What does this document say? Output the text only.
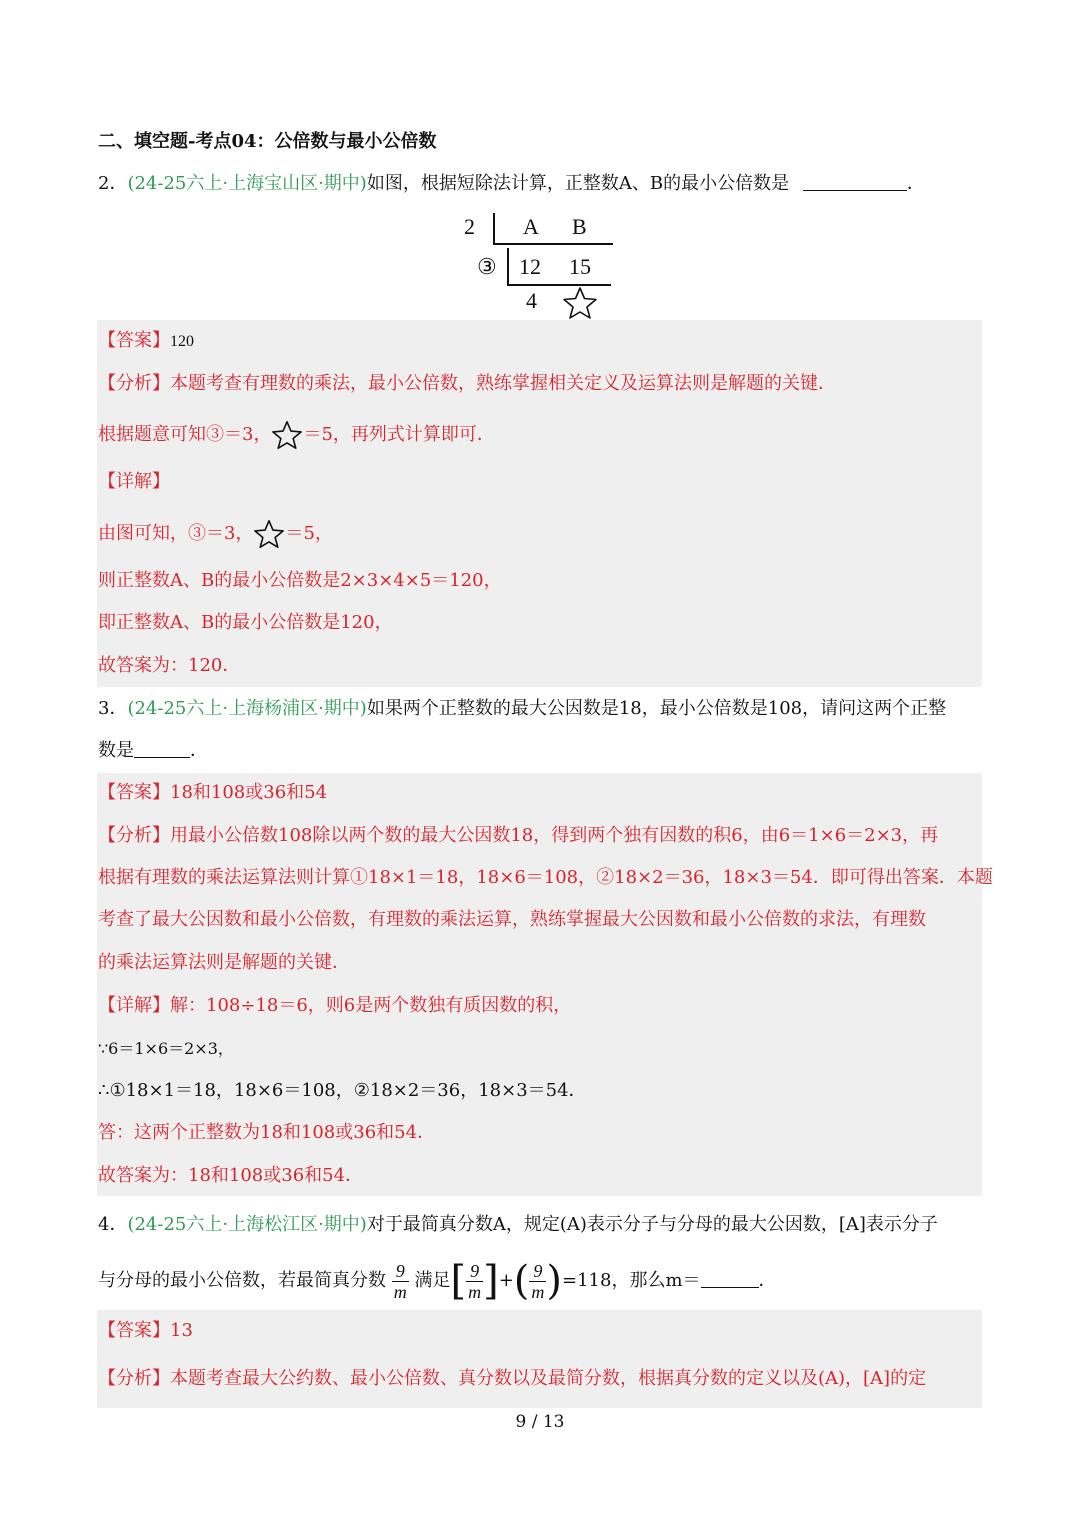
二、填空题-考点04：公倍数与最小公倍数
2．(24-25六上·上海宝山区·期中)如图，根据短除法计算，正整数A、B的最小公倍数是	．
2 A B
③ 12 15
4
【答案】120
【分析】本题考查有理数的乘法，最小公倍数，熟练掌握相关定义及运算法则是解题的关键．
根据题意可知③＝3， ＝5，再列式计算即可．
【详解】
由图可知，③＝3， ＝5，
则正整数A、B的最小公倍数是2×3×4×5＝120，
即正整数A、B的最小公倍数是120，
故答案为：120．
3．(24-25六上·上海杨浦区·期中)如果两个正整数的最大公因数是18，最小公倍数是108，请问这两个正整
数是	．
【答案】18和108或36和54
【分析】用最小公倍数108除以两个数的最大公因数18，得到两个独有因数的积6，由6＝1×6＝2×3，再
根据有理数的乘法运算法则计算①18×1＝18，18×6＝108，②18×2＝36，18×3＝54．即可得出答案．本题
考查了最大公因数和最小公倍数，有理数的乘法运算，熟练掌握最大公因数和最小公倍数的求法，有理数
的乘法运算法则是解题的关键．
【详解】解：108÷18＝6，则6是两个数独有质因数的积，
∵6＝1×6＝2×3，
∴①18×1＝18，18×6＝108，②18×2＝36，18×3＝54．
答：这两个正整数为18和108或36和54．
故答案为：18和108或36和54．
4．(24-25六上·上海松江区·期中)对于最简真分数A，规定(A)表示分子与分母的最大公因数，[A]表示分子
与分母的最小公倍数，若最简真分数 $\frac{9}{m}$ 满足[ $\frac{9}{m}$ ]+( $\frac{9}{m} )=118$，那么m＝	．
【答案】13
【分析】本题考查最大公约数、最小公倍数、真分数以及最简分数，根据真分数的定义以及(A)，[A]的定
9 / 13
